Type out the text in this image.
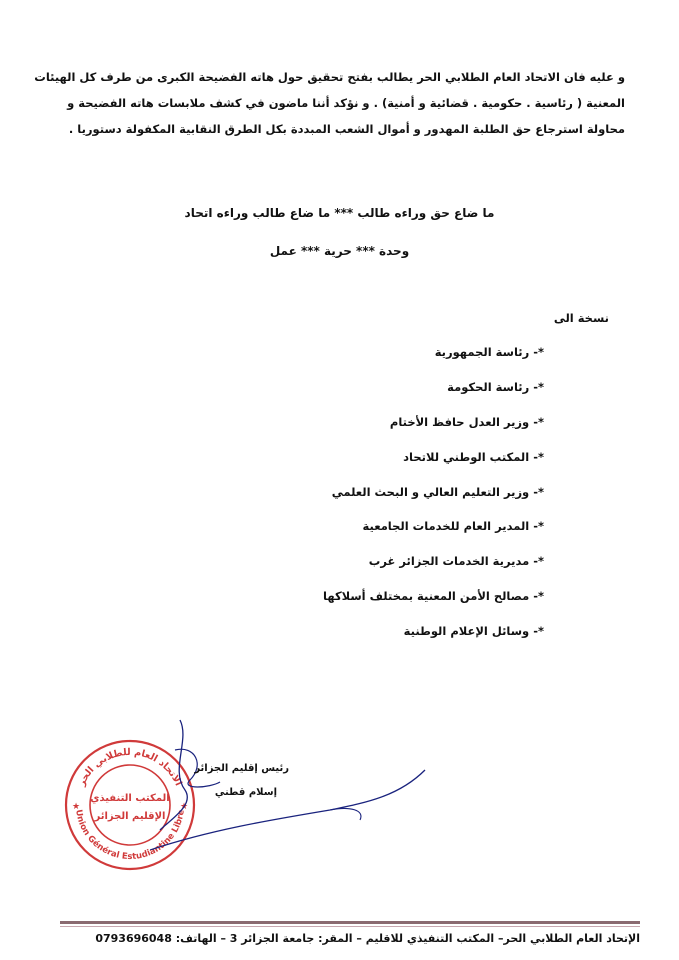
و عليه فان الاتحاد العام الطلابي الحر يطالب بفتح تحقيق حول هاته الفضيحة الكبرى من طرف كل الهيئات
المعنية ( رئاسية . حكومية . قضائية و أمنية) . و نؤكد أننا ماضون في كشف ملابسات هاته الفضيحة و
محاولة استرجاع حق الطلبة المهدور و أموال الشعب المبددة بكل الطرق النقابية المكفولة دستوريا .
ما ضاع حق وراءه طالب *** ما ضاع طالب وراءه اتحاد
وحدة *** حرية *** عمل
نسخة الى
*- رئاسة الجمهورية
*- رئاسة الحكومة
*- وزير العدل حافظ الأختام
*- المكتب الوطني للاتحاد
*- وزير التعليم العالي و البحث العلمي
*- المدير العام للخدمات الجامعية
*- مديرية الخدمات الجزائر غرب
*- مصالح الأمن المعنية بمختلف أسلاكها
*- وسائل الإعلام الوطنية
الاتحاد العام للطلابي الحر
Union Général Estudiantine Libre
المكتب التنفيذي
الإقليم الجزائر
★	★
رئيس إقليم الجزائر
إسلام قطني
الإتحاد العام الطلابي الحر– المكتب التنفيذي للاقليم – المقر: جامعة الجزائر 3 – الهاتف: 0793696048
